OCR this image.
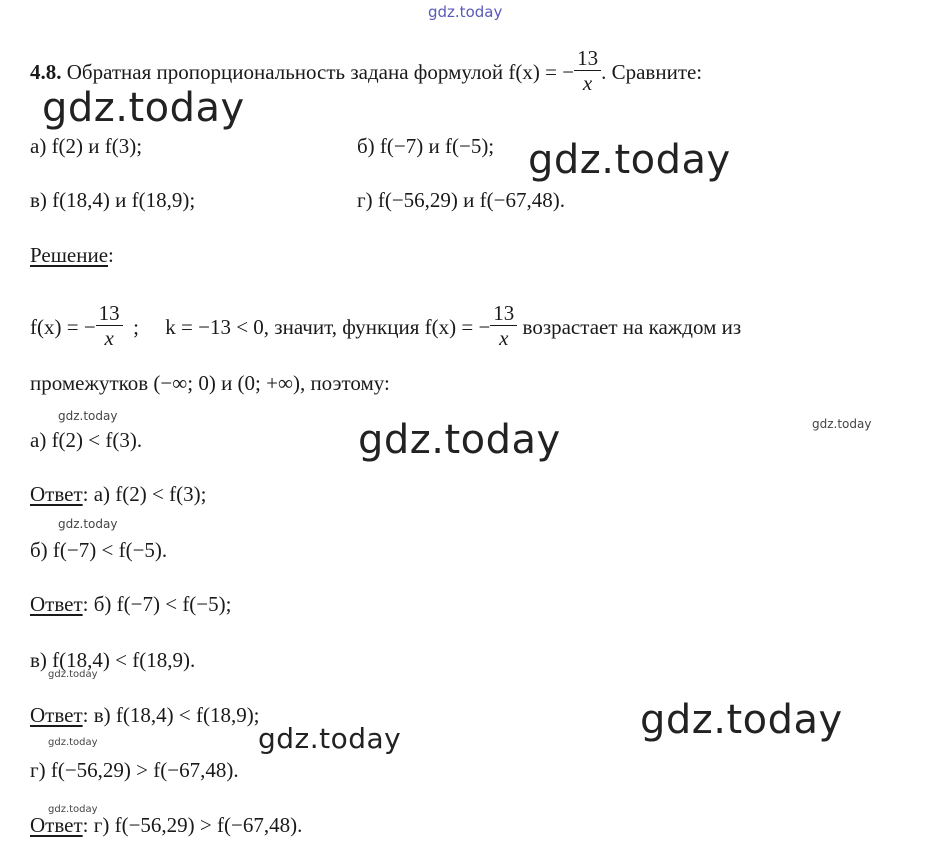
gdz.today
gdz.today
gdz.today
gdz.today
gdz.today
gdz.today
gdz.today
gdz.today
gdz.today
gdz.today
gdz.today
gdz.today
4.8. Обратная пропорциональность задана формулой f(x) = − $\frac{13}{x}$ . Сравните:
а) f(2) и f(3);	б) f(−7) и f(−5);
в) f(18,4) и f(18,9);	г) f(−56,29) и f(−67,48).
Решение:
f(x) = − $\frac{13}{x}$ ; k = −13 < 0, значит, функция f(x) = − $\frac{13}{x}$ возрастает на каждом из
промежутков (−∞; 0) и (0; +∞), поэтому:
а) f(2) < f(3).
Ответ: а) f(2) < f(3);
б) f(−7) < f(−5).
Ответ: б) f(−7) < f(−5);
в) f(18,4) < f(18,9).
Ответ: в) f(18,4) < f(18,9);
г) f(−56,29) > f(−67,48).
Ответ: г) f(−56,29) > f(−67,48).
